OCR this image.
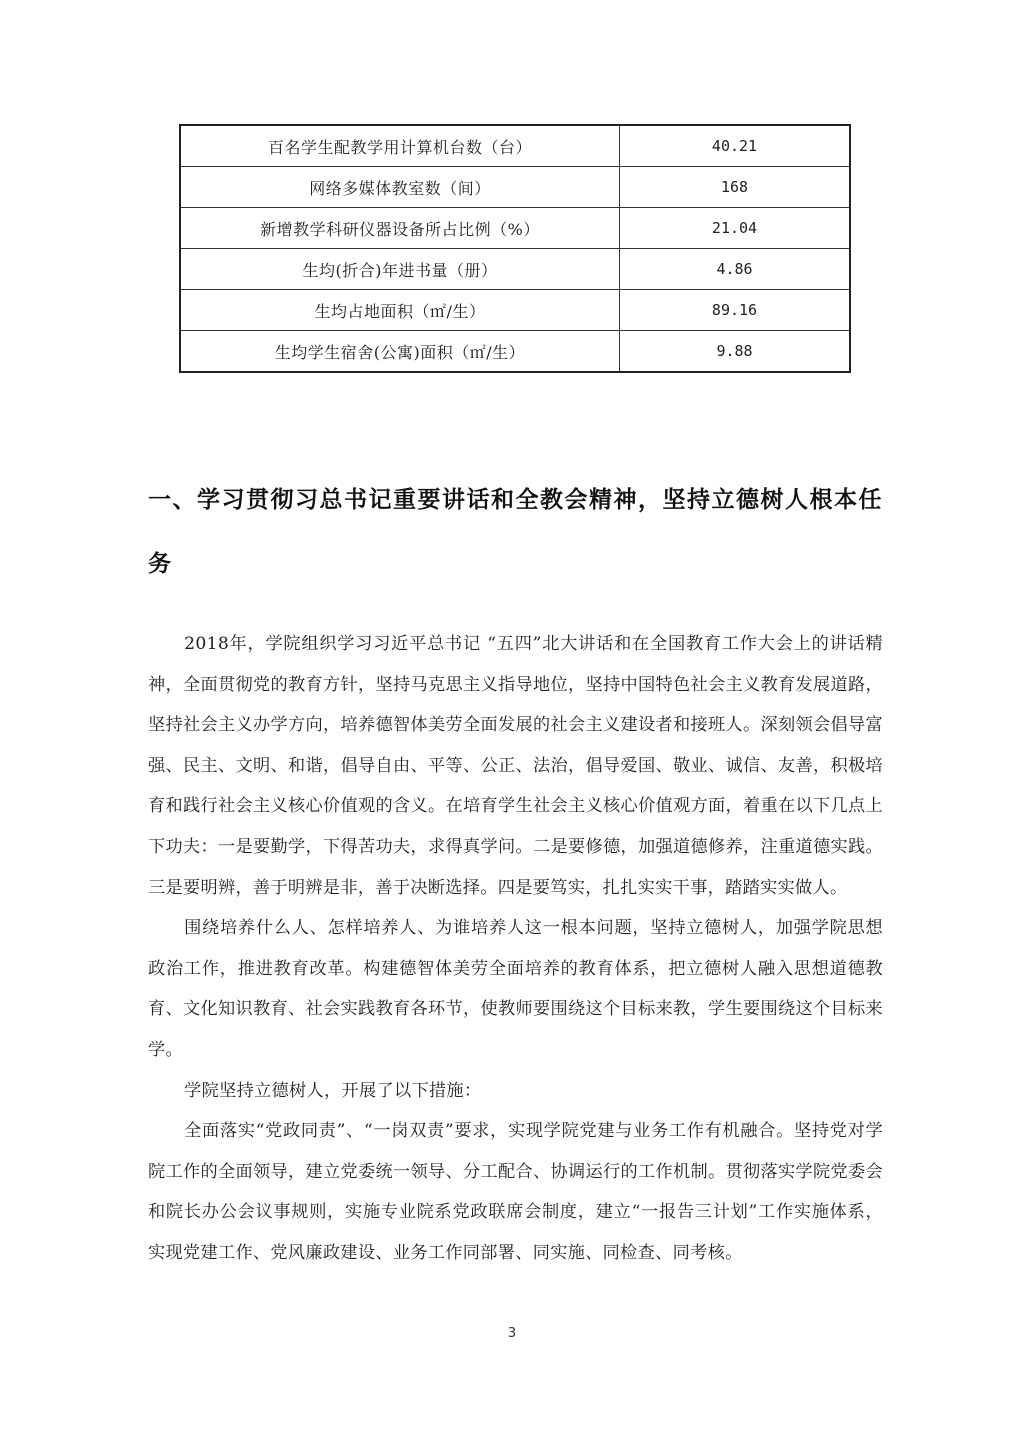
百名学生配教学用计算机台数（台）	40.21
网络多媒体教室数（间）	168
新增教学科研仪器设备所占比例（%）	21.04
生均(折合)年进书量（册）	4.86
生均占地面积（㎡/生）	89.16
生均学生宿舍(公寓)面积（㎡/生）	9.88
一、学习贯彻习总书记重要讲话和全教会精神，坚持立德树人根本任务

2018年，学院组织学习习近平总书记 “五四”北大讲话和在全国教育工作大会上的讲话精神，全面贯彻党的教育方针，坚持马克思主义指导地位，坚持中国特色社会主义教育发展道路，坚持社会主义办学方向，培养德智体美劳全面发展的社会主义建设者和接班人。深刻领会倡导富强、民主、文明、和谐，倡导自由、平等、公正、法治，倡导爱国、敬业、诚信、友善，积极培育和践行社会主义核心价值观的含义。在培育学生社会主义核心价值观方面，着重在以下几点上下功夫：一是要勤学，下得苦功夫，求得真学问。二是要修德，加强道德修养，注重道德实践。三是要明辨，善于明辨是非，善于决断选择。四是要笃实，扎扎实实干事，踏踏实实做人。

围绕培养什么人、怎样培养人、为谁培养人这一根本问题，坚持立德树人，加强学院思想政治工作，推进教育改革。构建德智体美劳全面培养的教育体系，把立德树人融入思想道德教育、文化知识教育、社会实践教育各环节，使教师要围绕这个目标来教，学生要围绕这个目标来学。

学院坚持立德树人，开展了以下措施：

全面落实“党政同责”、“一岗双责”要求，实现学院党建与业务工作有机融合。坚持党对学院工作的全面领导，建立党委统一领导、分工配合、协调运行的工作机制。贯彻落实学院党委会和院长办公会议事规则，实施专业院系党政联席会制度，建立“一报告三计划”工作实施体系，实现党建工作、党风廉政建设、业务工作同部署、同实施、同检查、同考核。

3
